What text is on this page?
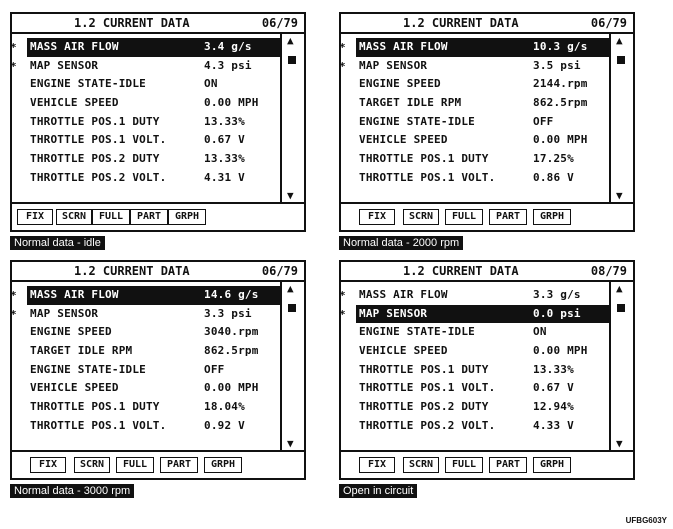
1.2 CURRENT DATA	06/79
* MASS AIR FLOW	3.4 g/s
* MAP SENSOR	4.3 psi
ENGINE STATE-IDLE	ON
VEHICLE SPEED	0.00 MPH
THROTTLE POS.1 DUTY	13.33%
THROTTLE POS.1 VOLT.	0.67 V
THROTTLE POS.2 DUTY	13.33%
THROTTLE POS.2 VOLT.	4.31 V
▲
▼
FIX	SCRN	FULL	PART	GRPH
Normal data - idle
1.2 CURRENT DATA	06/79
* MASS AIR FLOW	10.3 g/s
* MAP SENSOR	3.5 psi
ENGINE SPEED	2144.rpm
TARGET IDLE RPM	862.5rpm
ENGINE STATE-IDLE	OFF
VEHICLE SPEED	0.00 MPH
THROTTLE POS.1 DUTY	17.25%
THROTTLE POS.1 VOLT.	0.86 V
▲
▼
FIX	SCRN	FULL	PART	GRPH
Normal data - 2000 rpm
1.2 CURRENT DATA	06/79
* MASS AIR FLOW	14.6 g/s
* MAP SENSOR	3.3 psi
ENGINE SPEED	3040.rpm
TARGET IDLE RPM	862.5rpm
ENGINE STATE-IDLE	OFF
VEHICLE SPEED	0.00 MPH
THROTTLE POS.1 DUTY	18.04%
THROTTLE POS.1 VOLT.	0.92 V
▲
▼
FIX	SCRN	FULL	PART	GRPH
Normal data - 3000 rpm
1.2 CURRENT DATA	08/79
* MASS AIR FLOW	3.3 g/s
* MAP SENSOR	0.0 psi
ENGINE STATE-IDLE	ON
VEHICLE SPEED	0.00 MPH
THROTTLE POS.1 DUTY	13.33%
THROTTLE POS.1 VOLT.	0.67 V
THROTTLE POS.2 DUTY	12.94%
THROTTLE POS.2 VOLT.	4.33 V
▲
▼
FIX	SCRN	FULL	PART	GRPH
Open in circuit
UFBG603Y
